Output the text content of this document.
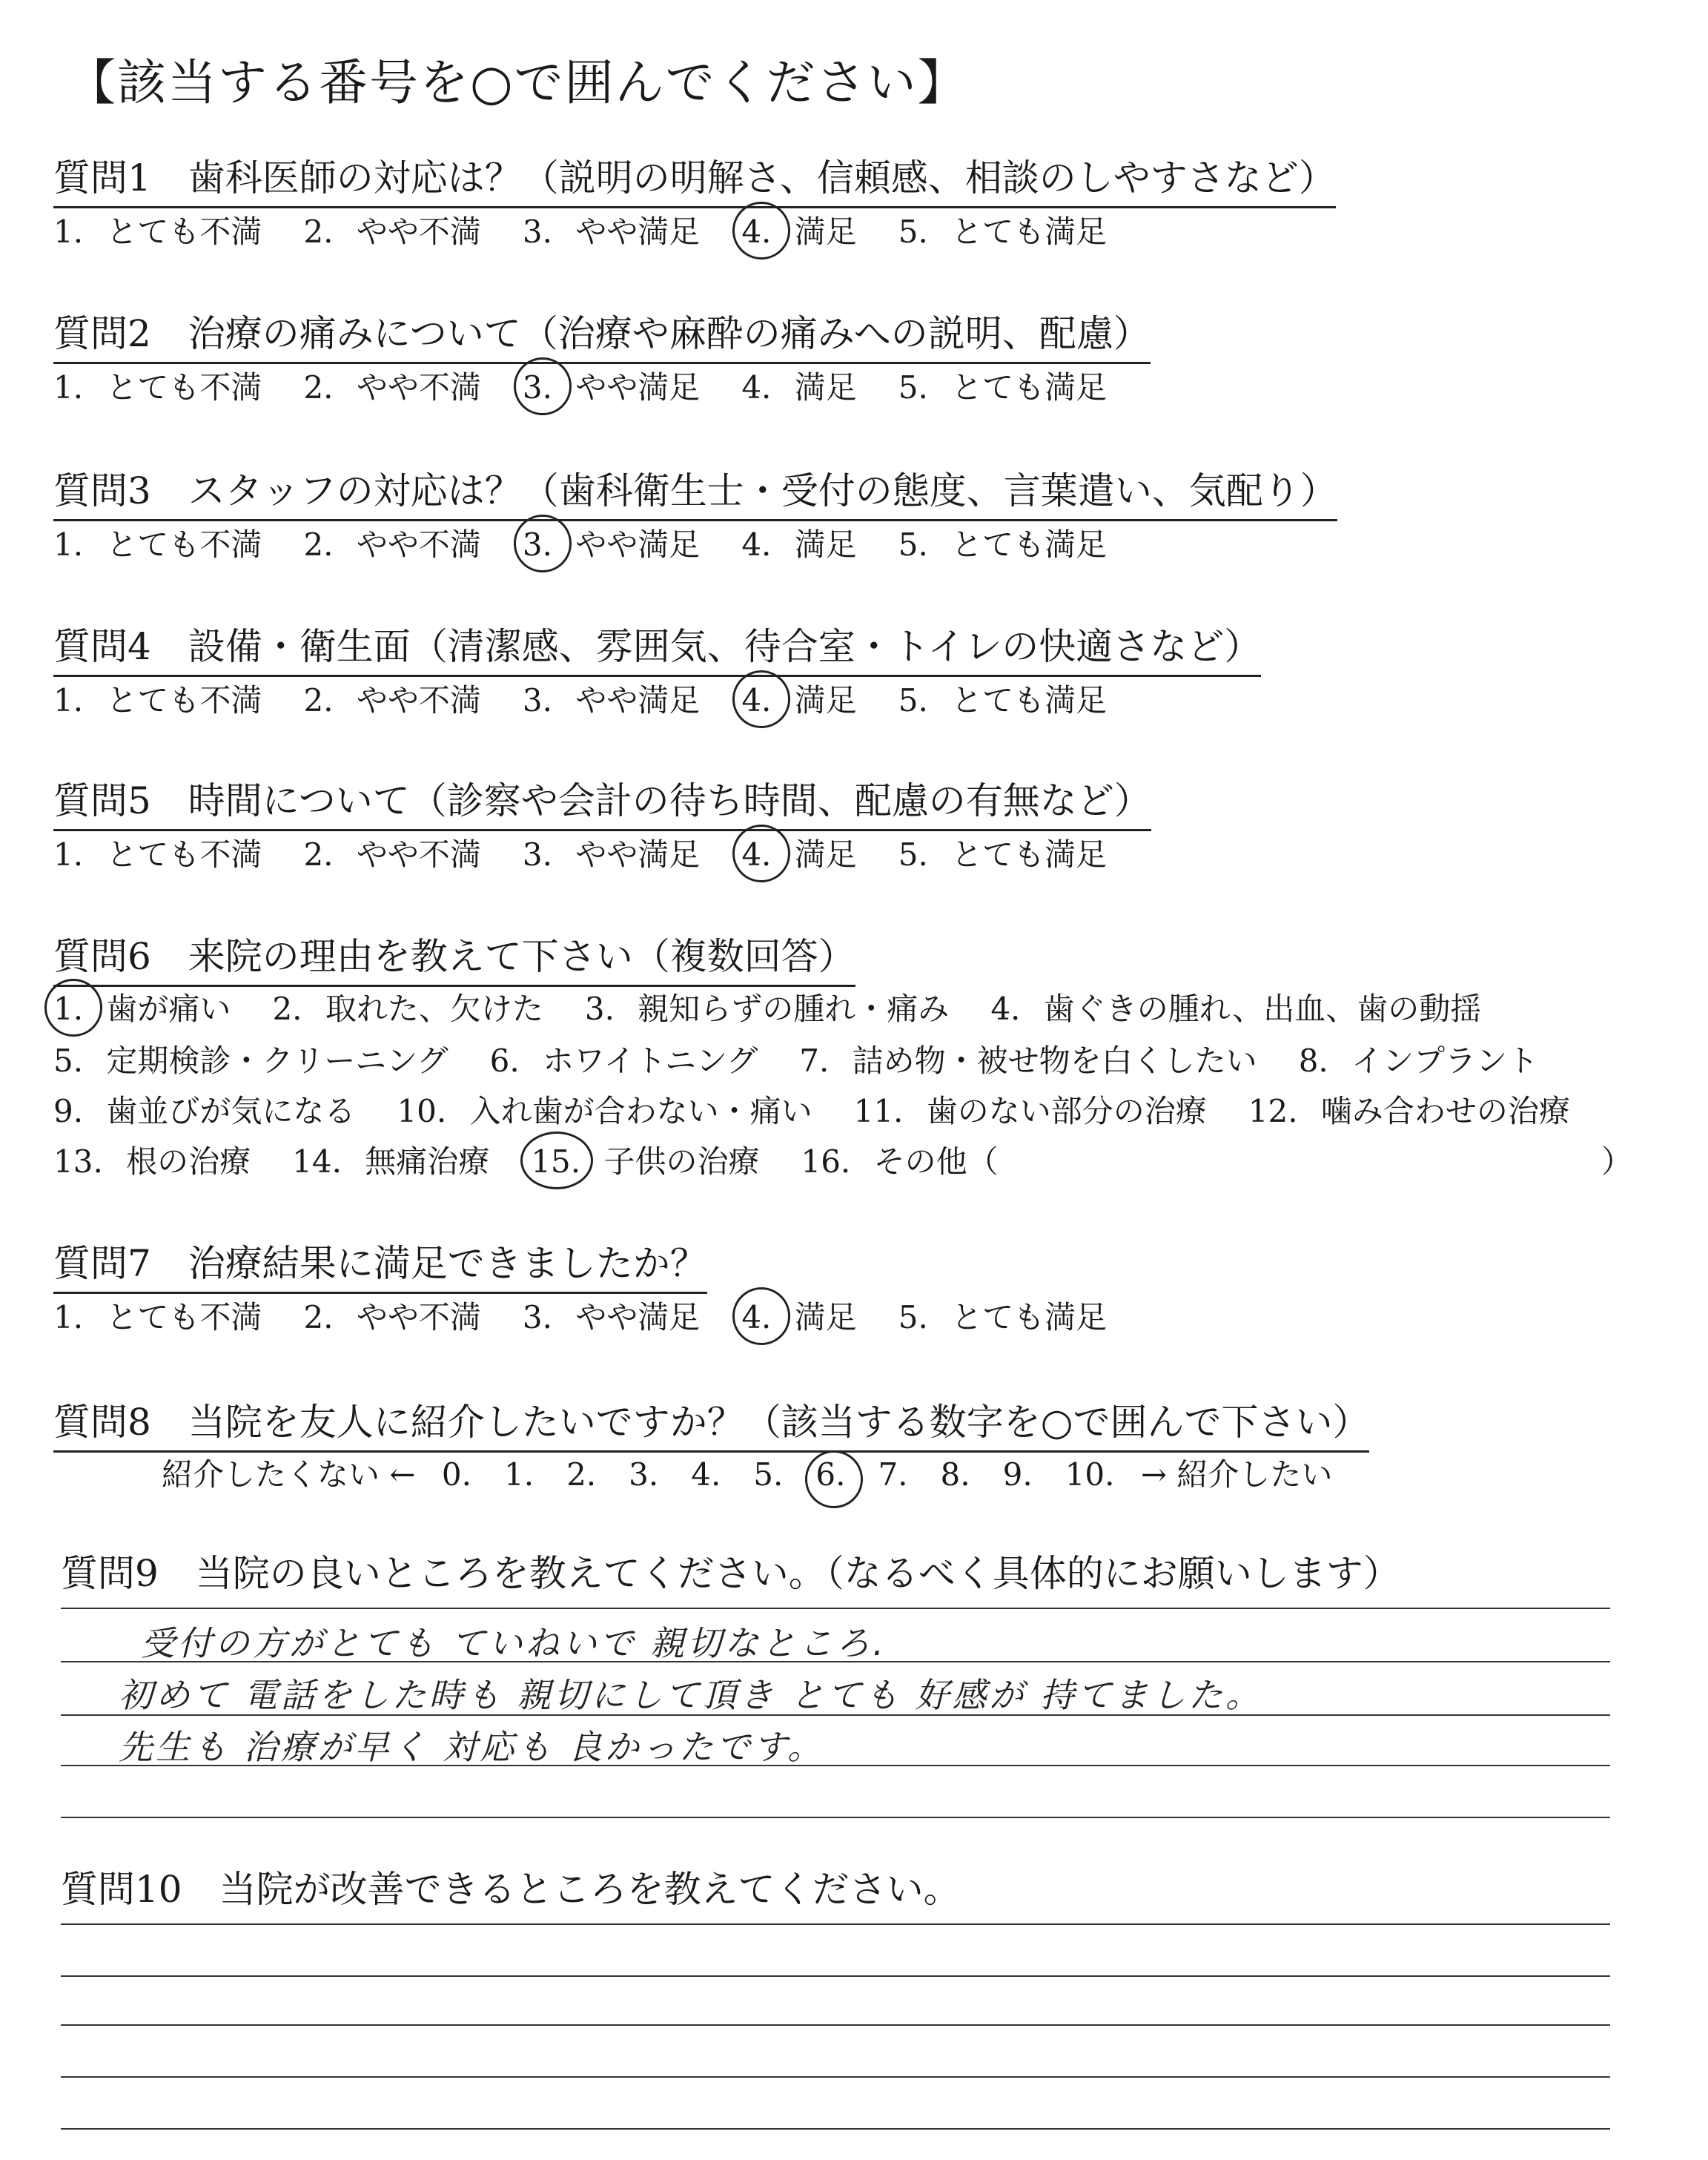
【該当する番号を○で囲んでください】
質問1　歯科医師の対応は？（説明の明解さ、信頼感、相談のしやすさなど）
1. とても不満 2. やや不満 3. やや満足 4. 満足 5. とても満足
質問2　治療の痛みについて（治療や麻酔の痛みへの説明、配慮）
1. とても不満 2. やや不満 3. やや満足 4. 満足 5. とても満足
質問3　スタッフの対応は？（歯科衛生士・受付の態度、言葉遣い、気配り）
1. とても不満 2. やや不満 3. やや満足 4. 満足 5. とても満足
質問4　設備・衛生面（清潔感、雰囲気、待合室・トイレの快適さなど）
1. とても不満 2. やや不満 3. やや満足 4. 満足 5. とても満足
質問5　時間について（診察や会計の待ち時間、配慮の有無など）
1. とても不満 2. やや不満 3. やや満足 4. 満足 5. とても満足
質問6　来院の理由を教えて下さい（複数回答）
1. 歯が痛い 2. 取れた、欠けた 3. 親知らずの腫れ・痛み 4. 歯ぐきの腫れ、出血、歯の動揺
5. 定期検診・クリーニング 6. ホワイトニング 7. 詰め物・被せ物を白くしたい 8. インプラント
9. 歯並びが気になる 10. 入れ歯が合わない・痛い 11. 歯のない部分の治療 12. 噛み合わせの治療
13. 根の治療 14. 無痛治療 15. 子供の治療 16. その他（	）
質問7　治療結果に満足できましたか？
1. とても不満 2. やや不満 3. やや満足 4. 満足 5. とても満足
質問8　当院を友人に紹介したいですか？（該当する数字を○で囲んで下さい）
紹介したくない ← 0. 1. 2. 3. 4. 5. 6. 7. 8. 9. 10. → 紹介したい
質問9　当院の良いところを教えてください。（なるべく具体的にお願いします）
受付の方がとても ていねいで 親切なところ.
初めて 電話をした時も 親切にして頂き とても 好感が 持てました。
先生も 治療が早く 対応も 良かったです。
質問10　当院が改善できるところを教えてください。
